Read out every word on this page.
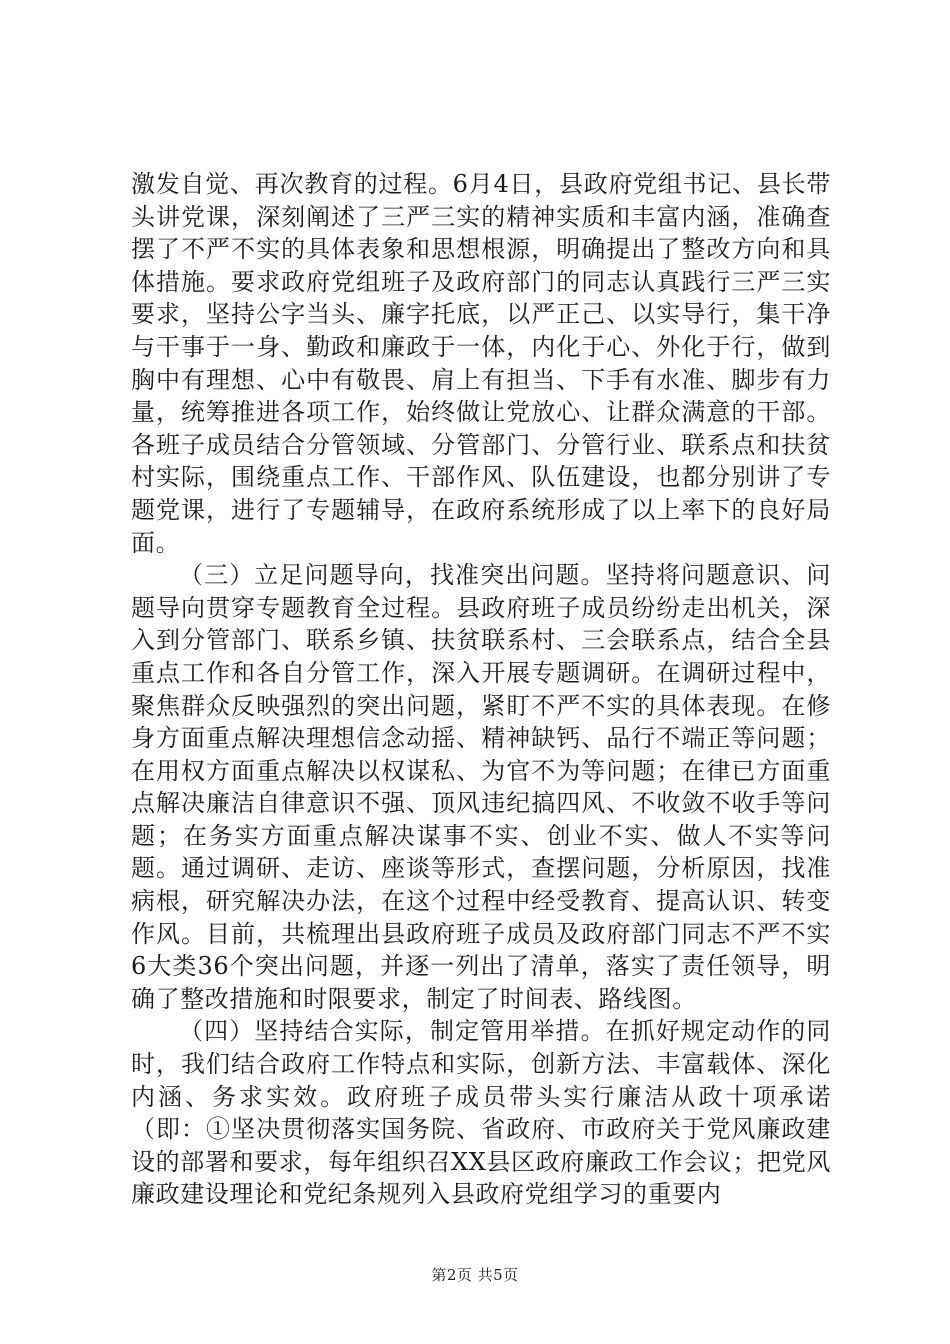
激发自觉、再次教育的过程。6月4日，县政府党组书记、县长带头讲党课，深刻阐述了三严三实的精神实质和丰富内涵，准确查摆了不严不实的具体表象和思想根源，明确提出了整改方向和具体措施。要求政府党组班子及政府部门的同志认真践行三严三实要求，坚持公字当头、廉字托底，以严正己、以实导行，集干净与干事于一身、勤政和廉政于一体，内化于心、外化于行，做到胸中有理想、心中有敬畏、肩上有担当、下手有水准、脚步有力量，统筹推进各项工作，始终做让党放心、让群众满意的干部。各班子成员结合分管领域、分管部门、分管行业、联系点和扶贫村实际，围绕重点工作、干部作风、队伍建设，也都分别讲了专题党课，进行了专题辅导，在政府系统形成了以上率下的良好局面。

（三）立足问题导向，找准突出问题。坚持将问题意识、问题导向贯穿专题教育全过程。县政府班子成员纷纷走出机关，深入到分管部门、联系乡镇、扶贫联系村、三会联系点，结合全县重点工作和各自分管工作，深入开展专题调研。在调研过程中，聚焦群众反映强烈的突出问题，紧盯不严不实的具体表现。在修身方面重点解决理想信念动摇、精神缺钙、品行不端正等问题；在用权方面重点解决以权谋私、为官不为等问题；在律已方面重点解决廉洁自律意识不强、顶风违纪搞四风、不收敛不收手等问题；在务实方面重点解决谋事不实、创业不实、做人不实等问题。通过调研、走访、座谈等形式，查摆问题，分析原因，找准病根，研究解决办法，在这个过程中经受教育、提高认识、转变作风。目前，共梳理出县政府班子成员及政府部门同志不严不实6大类36个突出问题，并逐一列出了清单，落实了责任领导，明确了整改措施和时限要求，制定了时间表、路线图。

（四）坚持结合实际，制定管用举措。在抓好规定动作的同时，我们结合政府工作特点和实际，创新方法、丰富载体、深化内涵、务求实效。政府班子成员带头实行廉洁从政十项承诺（即：①坚决贯彻落实国务院、省政府、市政府关于党风廉政建设的部署和要求，每年组织召XX县区政府廉政工作会议；把党风廉政建设理论和党纪条规列入县政府党组学习的重要内

第2页 共5页
